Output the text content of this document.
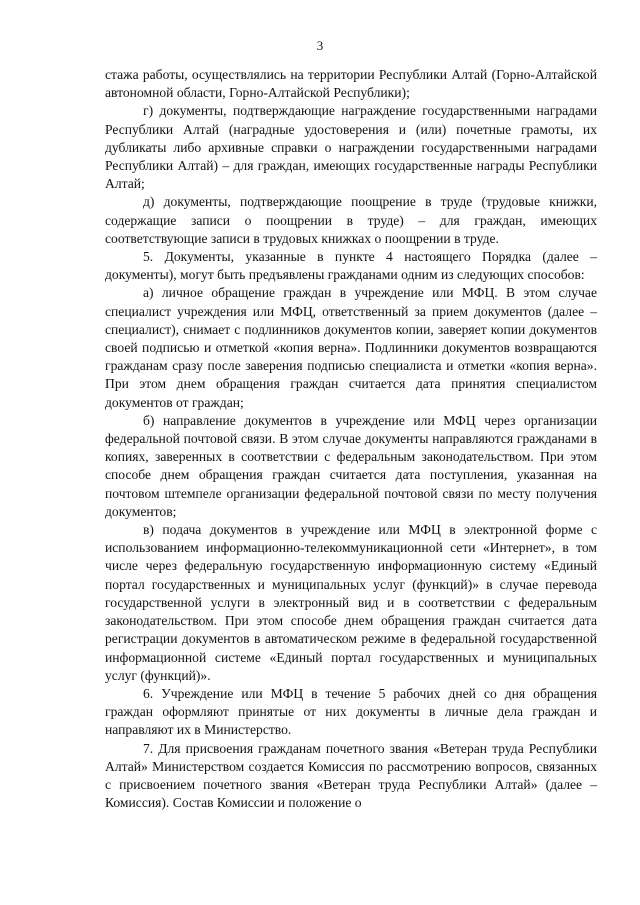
3

стажа работы, осуществлялись на территории Республики Алтай (Горно-Алтайской автономной области, Горно-Алтайской Республики);

г) документы, подтверждающие награждение государственными наградами Республики Алтай (наградные удостоверения и (или) почетные грамоты, их дубликаты либо архивные справки о награждении государственными наградами Республики Алтай) – для граждан, имеющих государственные награды Республики Алтай;

д) документы, подтверждающие поощрение в труде (трудовые книжки, содержащие записи о поощрении в труде) – для граждан, имеющих соответствующие записи в трудовых книжках о поощрении в труде.

5. Документы, указанные в пункте 4 настоящего Порядка (далее – документы), могут быть предъявлены гражданами одним из следующих способов:

а) личное обращение граждан в учреждение или МФЦ. В этом случае специалист учреждения или МФЦ, ответственный за прием документов (далее – специалист), снимает с подлинников документов копии, заверяет копии документов своей подписью и отметкой «копия верна». Подлинники документов возвращаются гражданам сразу после заверения подписью специалиста и отметки «копия верна». При этом днем обращения граждан считается дата принятия специалистом документов от граждан;

б) направление документов в учреждение или МФЦ через организации федеральной почтовой связи. В этом случае документы направляются гражданами в копиях, заверенных в соответствии с федеральным законодательством. При этом способе днем обращения граждан считается дата поступления, указанная на почтовом штемпеле организации федеральной почтовой связи по месту получения документов;

в) подача документов в учреждение или МФЦ в электронной форме с использованием информационно-телекоммуникационной сети «Интернет», в том числе через федеральную государственную информационную систему «Единый портал государственных и муниципальных услуг (функций)» в случае перевода государственной услуги в электронный вид и в соответствии с федеральным законодательством. При этом способе днем обращения граждан считается дата регистрации документов в автоматическом режиме в федеральной государственной информационной системе «Единый портал государственных и муниципальных услуг (функций)».

6. Учреждение или МФЦ в течение 5 рабочих дней со дня обращения граждан оформляют принятые от них документы в личные дела граждан и направляют их в Министерство.

7. Для присвоения гражданам почетного звания «Ветеран труда Республики Алтай» Министерством создается Комиссия по рассмотрению вопросов, связанных с присвоением почетного звания «Ветеран труда Республики Алтай» (далее – Комиссия). Состав Комиссии и положение о
